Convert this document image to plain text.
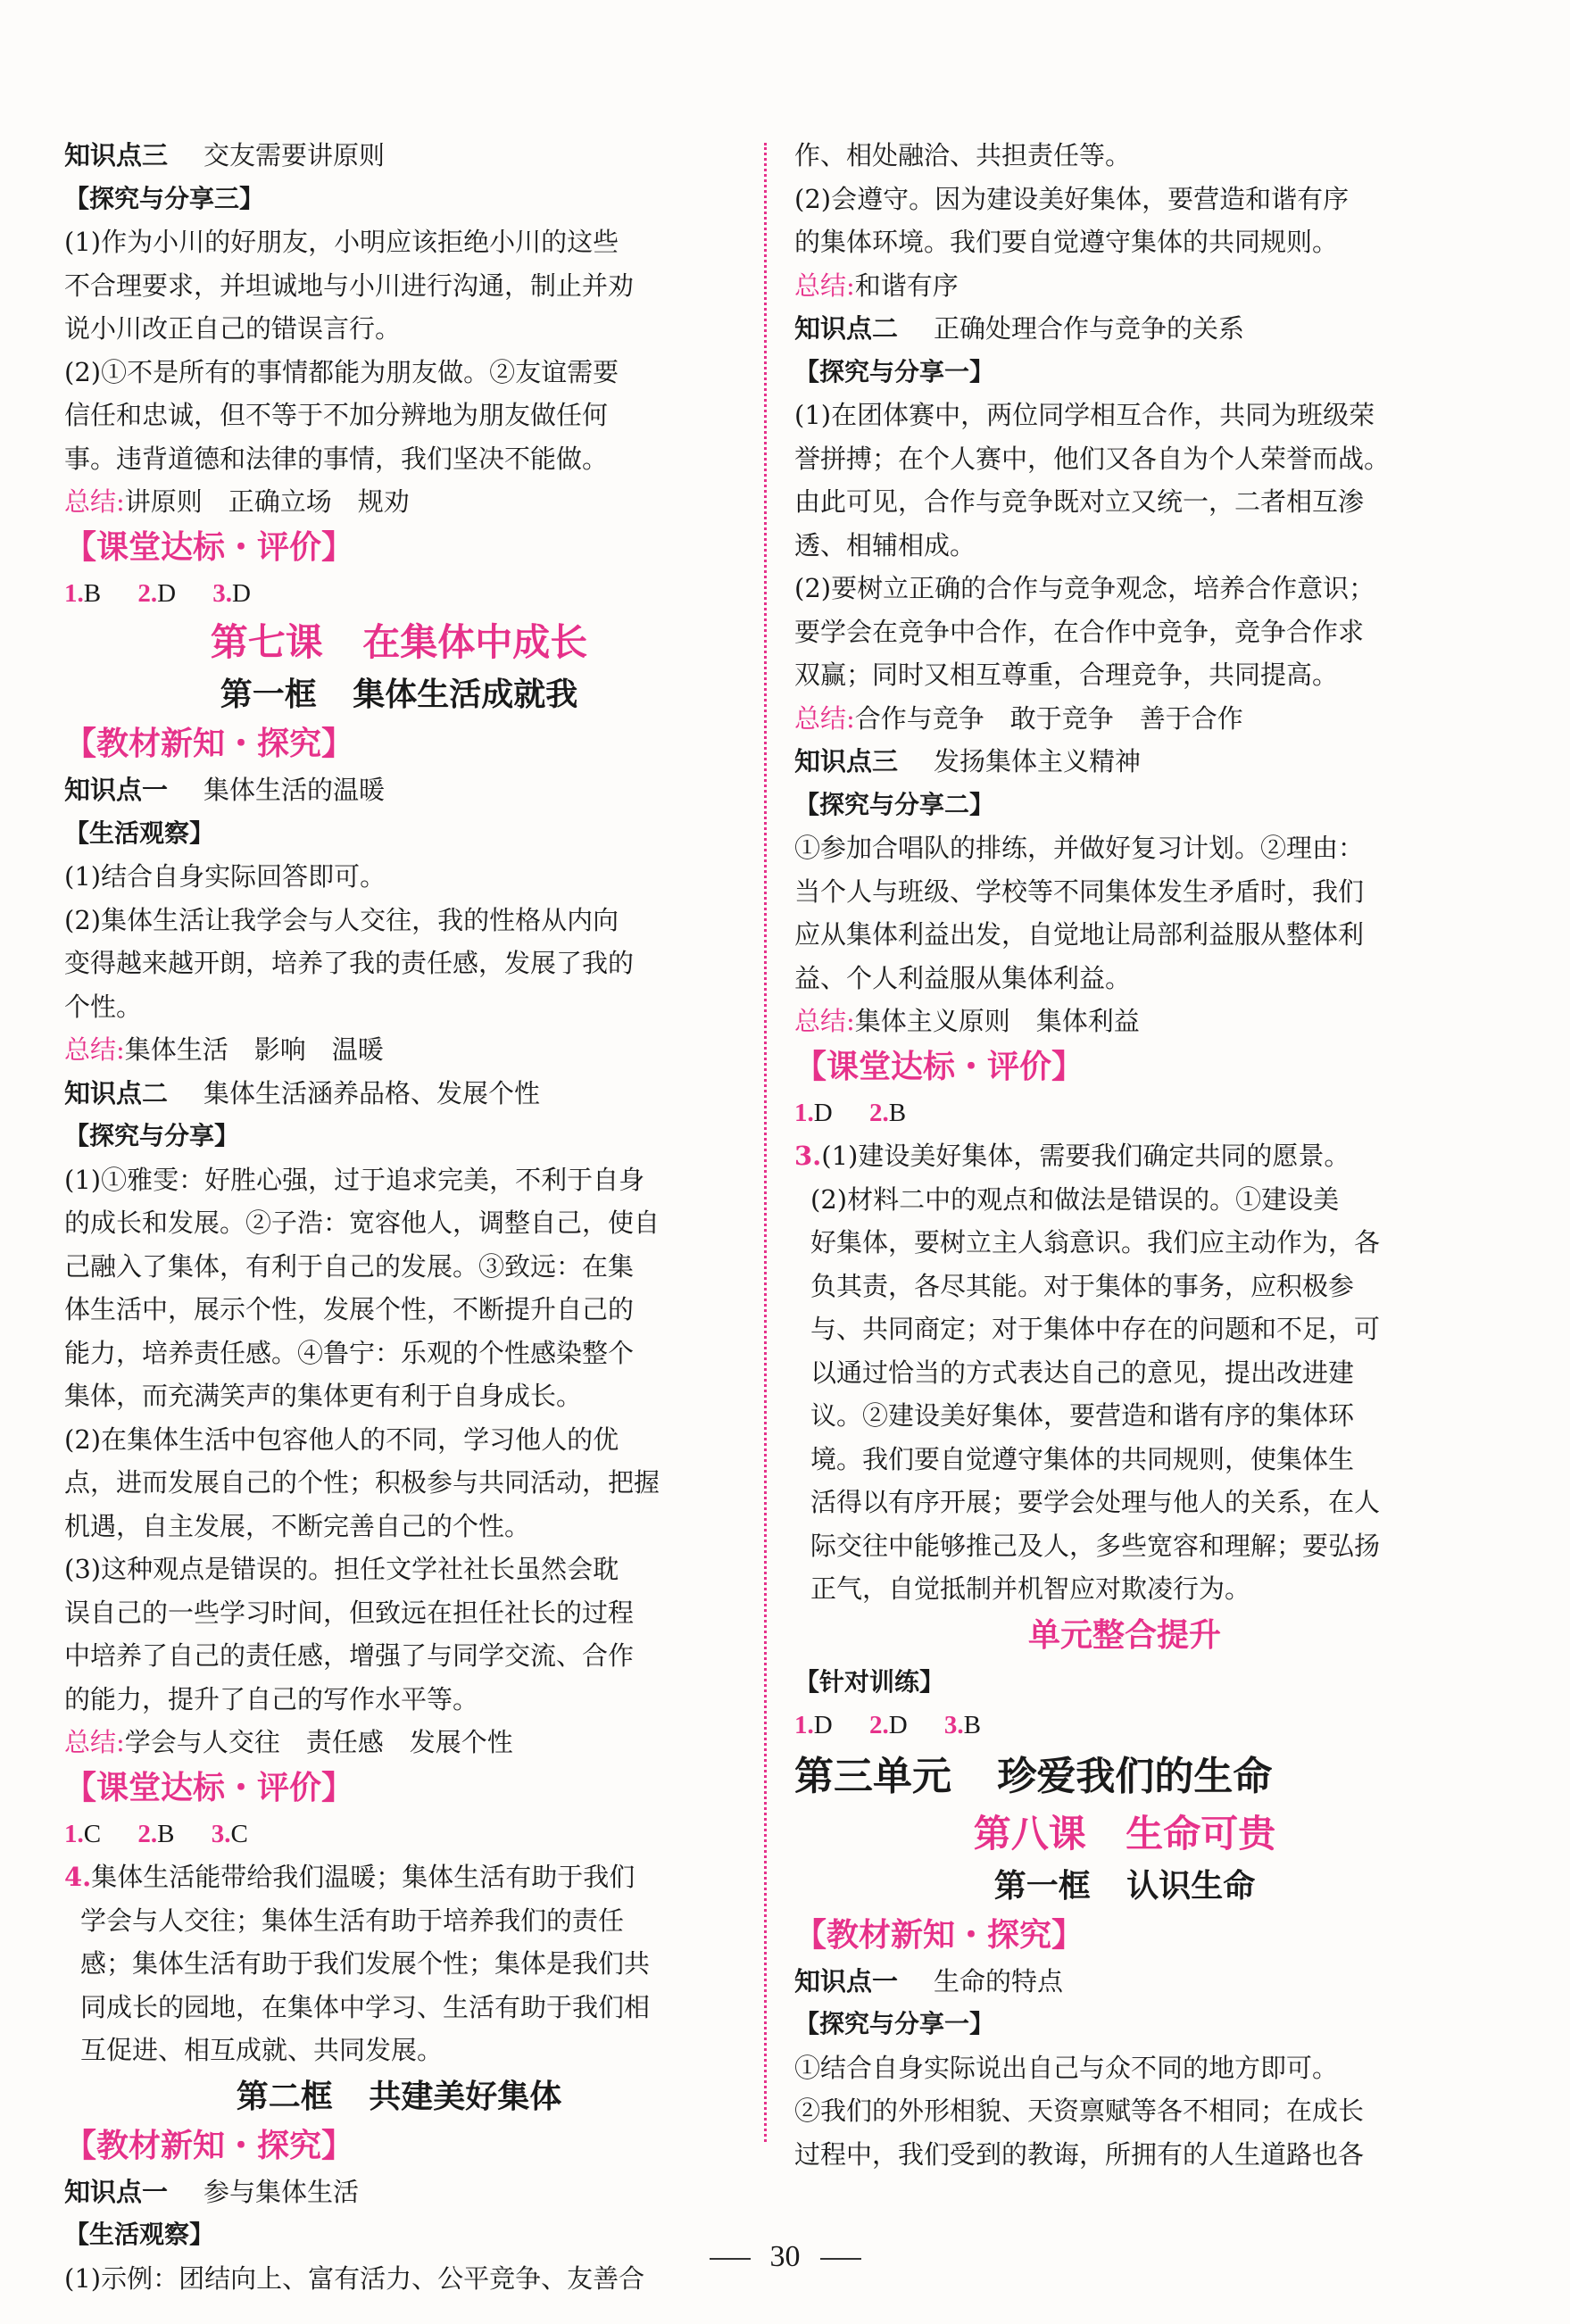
知识点三 交友需要讲原则
【探究与分享三】
(1)作为小川的好朋友，小明应该拒绝小川的这些
不合理要求，并坦诚地与小川进行沟通，制止并劝
说小川改正自己的错误言行。
(2)①不是所有的事情都能为朋友做。②友谊需要
信任和忠诚，但不等于不加分辨地为朋友做任何
事。违背道德和法律的事情，我们坚决不能做。
总结:讲原则　正确立场　规劝
【课堂达标・评价】
1.B 2.D 3.D
第七课 在集体中成长
第一框 集体生活成就我
【教材新知・探究】
知识点一 集体生活的温暖
【生活观察】
(1)结合自身实际回答即可。
(2)集体生活让我学会与人交往，我的性格从内向
变得越来越开朗，培养了我的责任感，发展了我的
个性。
总结:集体生活　影响　温暖
知识点二 集体生活涵养品格、发展个性
【探究与分享】
(1)①雅雯：好胜心强，过于追求完美，不利于自身
的成长和发展。②子浩：宽容他人，调整自己，使自
己融入了集体，有利于自己的发展。③致远：在集
体生活中，展示个性，发展个性，不断提升自己的
能力，培养责任感。④鲁宁：乐观的个性感染整个
集体，而充满笑声的集体更有利于自身成长。
(2)在集体生活中包容他人的不同，学习他人的优
点，进而发展自己的个性；积极参与共同活动，把握
机遇，自主发展，不断完善自己的个性。
(3)这种观点是错误的。担任文学社社长虽然会耽
误自己的一些学习时间，但致远在担任社长的过程
中培养了自己的责任感，增强了与同学交流、合作
的能力，提升了自己的写作水平等。
总结:学会与人交往　责任感　发展个性
【课堂达标・评价】
1.C 2.B 3.C
4.集体生活能带给我们温暖；集体生活有助于我们
学会与人交往；集体生活有助于培养我们的责任
感；集体生活有助于我们发展个性；集体是我们共
同成长的园地，在集体中学习、生活有助于我们相
互促进、相互成就、共同发展。
第二框 共建美好集体
【教材新知・探究】
知识点一 参与集体生活
【生活观察】
(1)示例：团结向上、富有活力、公平竞争、友善合
作、相处融洽、共担责任等。
(2)会遵守。因为建设美好集体，要营造和谐有序
的集体环境。我们要自觉遵守集体的共同规则。
总结:和谐有序
知识点二 正确处理合作与竞争的关系
【探究与分享一】
(1)在团体赛中，两位同学相互合作，共同为班级荣
誉拼搏；在个人赛中，他们又各自为个人荣誉而战。
由此可见，合作与竞争既对立又统一，二者相互渗
透、相辅相成。
(2)要树立正确的合作与竞争观念，培养合作意识；
要学会在竞争中合作，在合作中竞争，竞争合作求
双赢；同时又相互尊重，合理竞争，共同提高。
总结:合作与竞争　敢于竞争　善于合作
知识点三 发扬集体主义精神
【探究与分享二】
①参加合唱队的排练，并做好复习计划。②理由：
当个人与班级、学校等不同集体发生矛盾时，我们
应从集体利益出发，自觉地让局部利益服从整体利
益、个人利益服从集体利益。
总结:集体主义原则　集体利益
【课堂达标・评价】
1.D 2.B
3.(1)建设美好集体，需要我们确定共同的愿景。
(2)材料二中的观点和做法是错误的。①建设美
好集体，要树立主人翁意识。我们应主动作为，各
负其责，各尽其能。对于集体的事务，应积极参
与、共同商定；对于集体中存在的问题和不足，可
以通过恰当的方式表达自己的意见，提出改进建
议。②建设美好集体，要营造和谐有序的集体环
境。我们要自觉遵守集体的共同规则，使集体生
活得以有序开展；要学会处理与他人的关系，在人
际交往中能够推己及人，多些宽容和理解；要弘扬
正气，自觉抵制并机智应对欺凌行为。
单元整合提升
【针对训练】
1.D 2.D 3.B
第三单元 珍爱我们的生命
第八课 生命可贵
第一框 认识生命
【教材新知・探究】
知识点一 生命的特点
【探究与分享一】
①结合自身实际说出自己与众不同的地方即可。
②我们的外形相貌、天资禀赋等各不相同；在成长
过程中，我们受到的教诲，所拥有的人生道路也各
30
